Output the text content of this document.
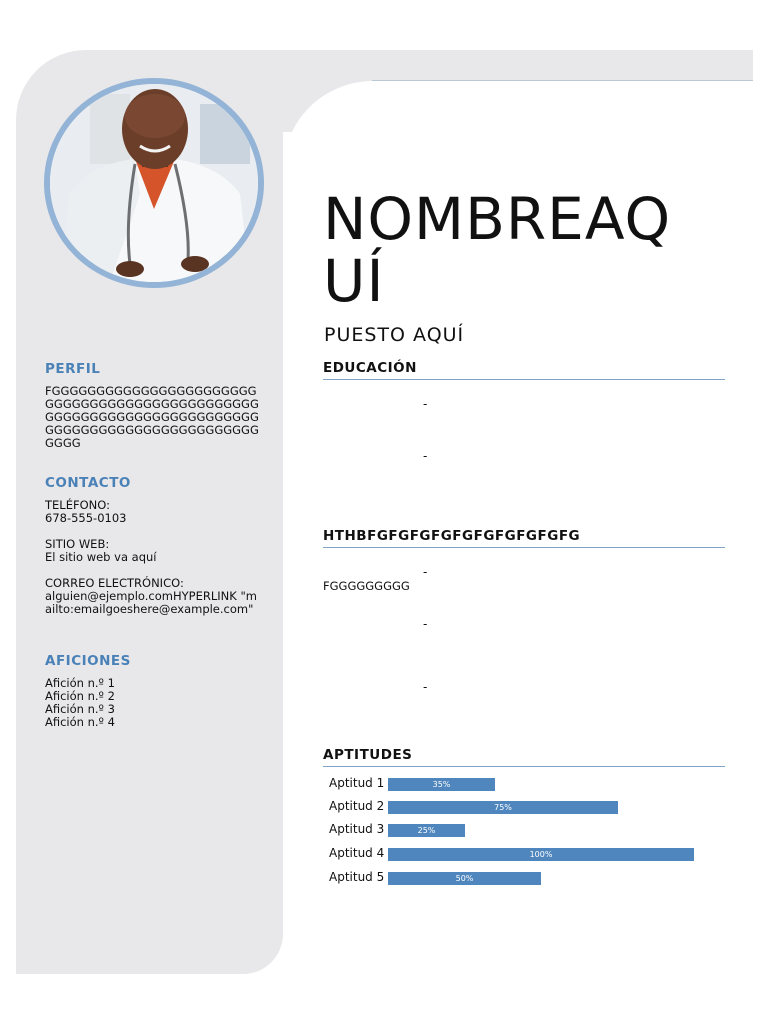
PERFIL

FGGGGGGGGGGGGGGGGGGGGGGGGGGGGGGGGGGGGGGGGGGGGGGGGGGGGGGGGGGGGGGGGGGGGGGGGGGGGGGGGGGGGGGGGGGGGGGGGGGG

CONTACTO

TELÉFONO:

678-555-0103

SITIO WEB:

El sitio web va aquí

CORREO ELECTRÓNICO:

alguien@ejemplo.comHYPERLINK "mailto:emailgoeshere@example.com"

AFICIONES

Afición n.º 1

Afición n.º 2

Afición n.º 3

Afición n.º 4

NOMBREAQUÍ
PUESTO AQUÍ
EDUCACIÓN
-
-
HTHBFGFGFGFGFGFGFGFGFGFG
-
FGGGGGGGGG
-
-
APTITUDES
Aptitud 1	35%
Aptitud 2	75%
Aptitud 3	25%
Aptitud 4	100%
Aptitud 5	50%
